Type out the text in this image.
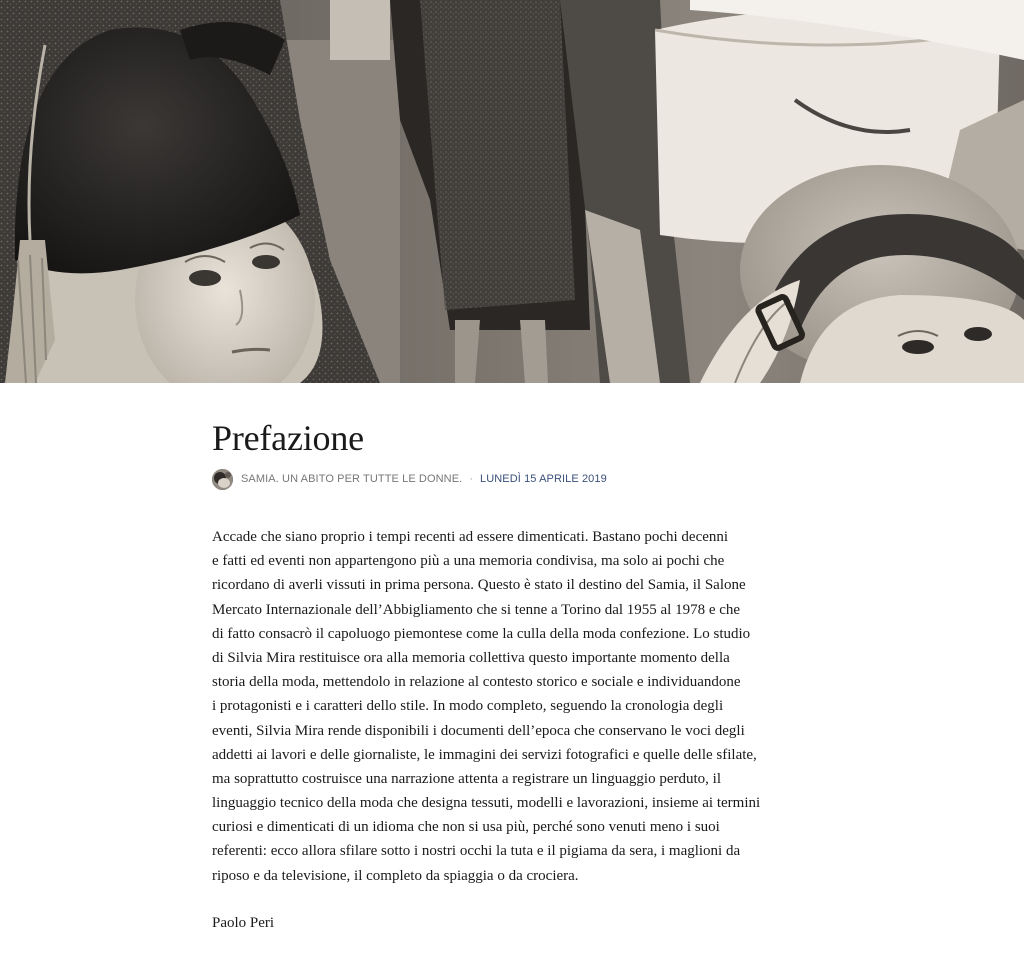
Prefazione
SAMIA. UN ABITO PER TUTTE LE DONNE. · LUNEDÌ 15 APRILE 2019
Accade che siano proprio i tempi recenti ad essere dimenticati. Bastano pochi decenni
e fatti ed eventi non appartengono più a una memoria condivisa, ma solo ai pochi che
ricordano di averli vissuti in prima persona. Questo è stato il destino del Samia, il Salone
Mercato Internazionale dell’Abbigliamento che si tenne a Torino dal 1955 al 1978 e che
di fatto consacrò il capoluogo piemontese come la culla della moda confezione. Lo studio
di Silvia Mira restituisce ora alla memoria collettiva questo importante momento della
storia della moda, mettendolo in relazione al contesto storico e sociale e individuandone
i protagonisti e i caratteri dello stile. In modo completo, seguendo la cronologia degli
eventi, Silvia Mira rende disponibili i documenti dell’epoca che conservano le voci degli
addetti ai lavori e delle giornaliste, le immagini dei servizi fotografici e quelle delle sfilate,
ma soprattutto costruisce una narrazione attenta a registrare un linguaggio perduto, il
linguaggio tecnico della moda che designa tessuti, modelli e lavorazioni, insieme ai termini
curiosi e dimenticati di un idioma che non si usa più, perché sono venuti meno i suoi
referenti: ecco allora sfilare sotto i nostri occhi la tuta e il pigiama da sera, i maglioni da
riposo e da televisione, il completo da spiaggia o da crociera.
Paolo Peri
